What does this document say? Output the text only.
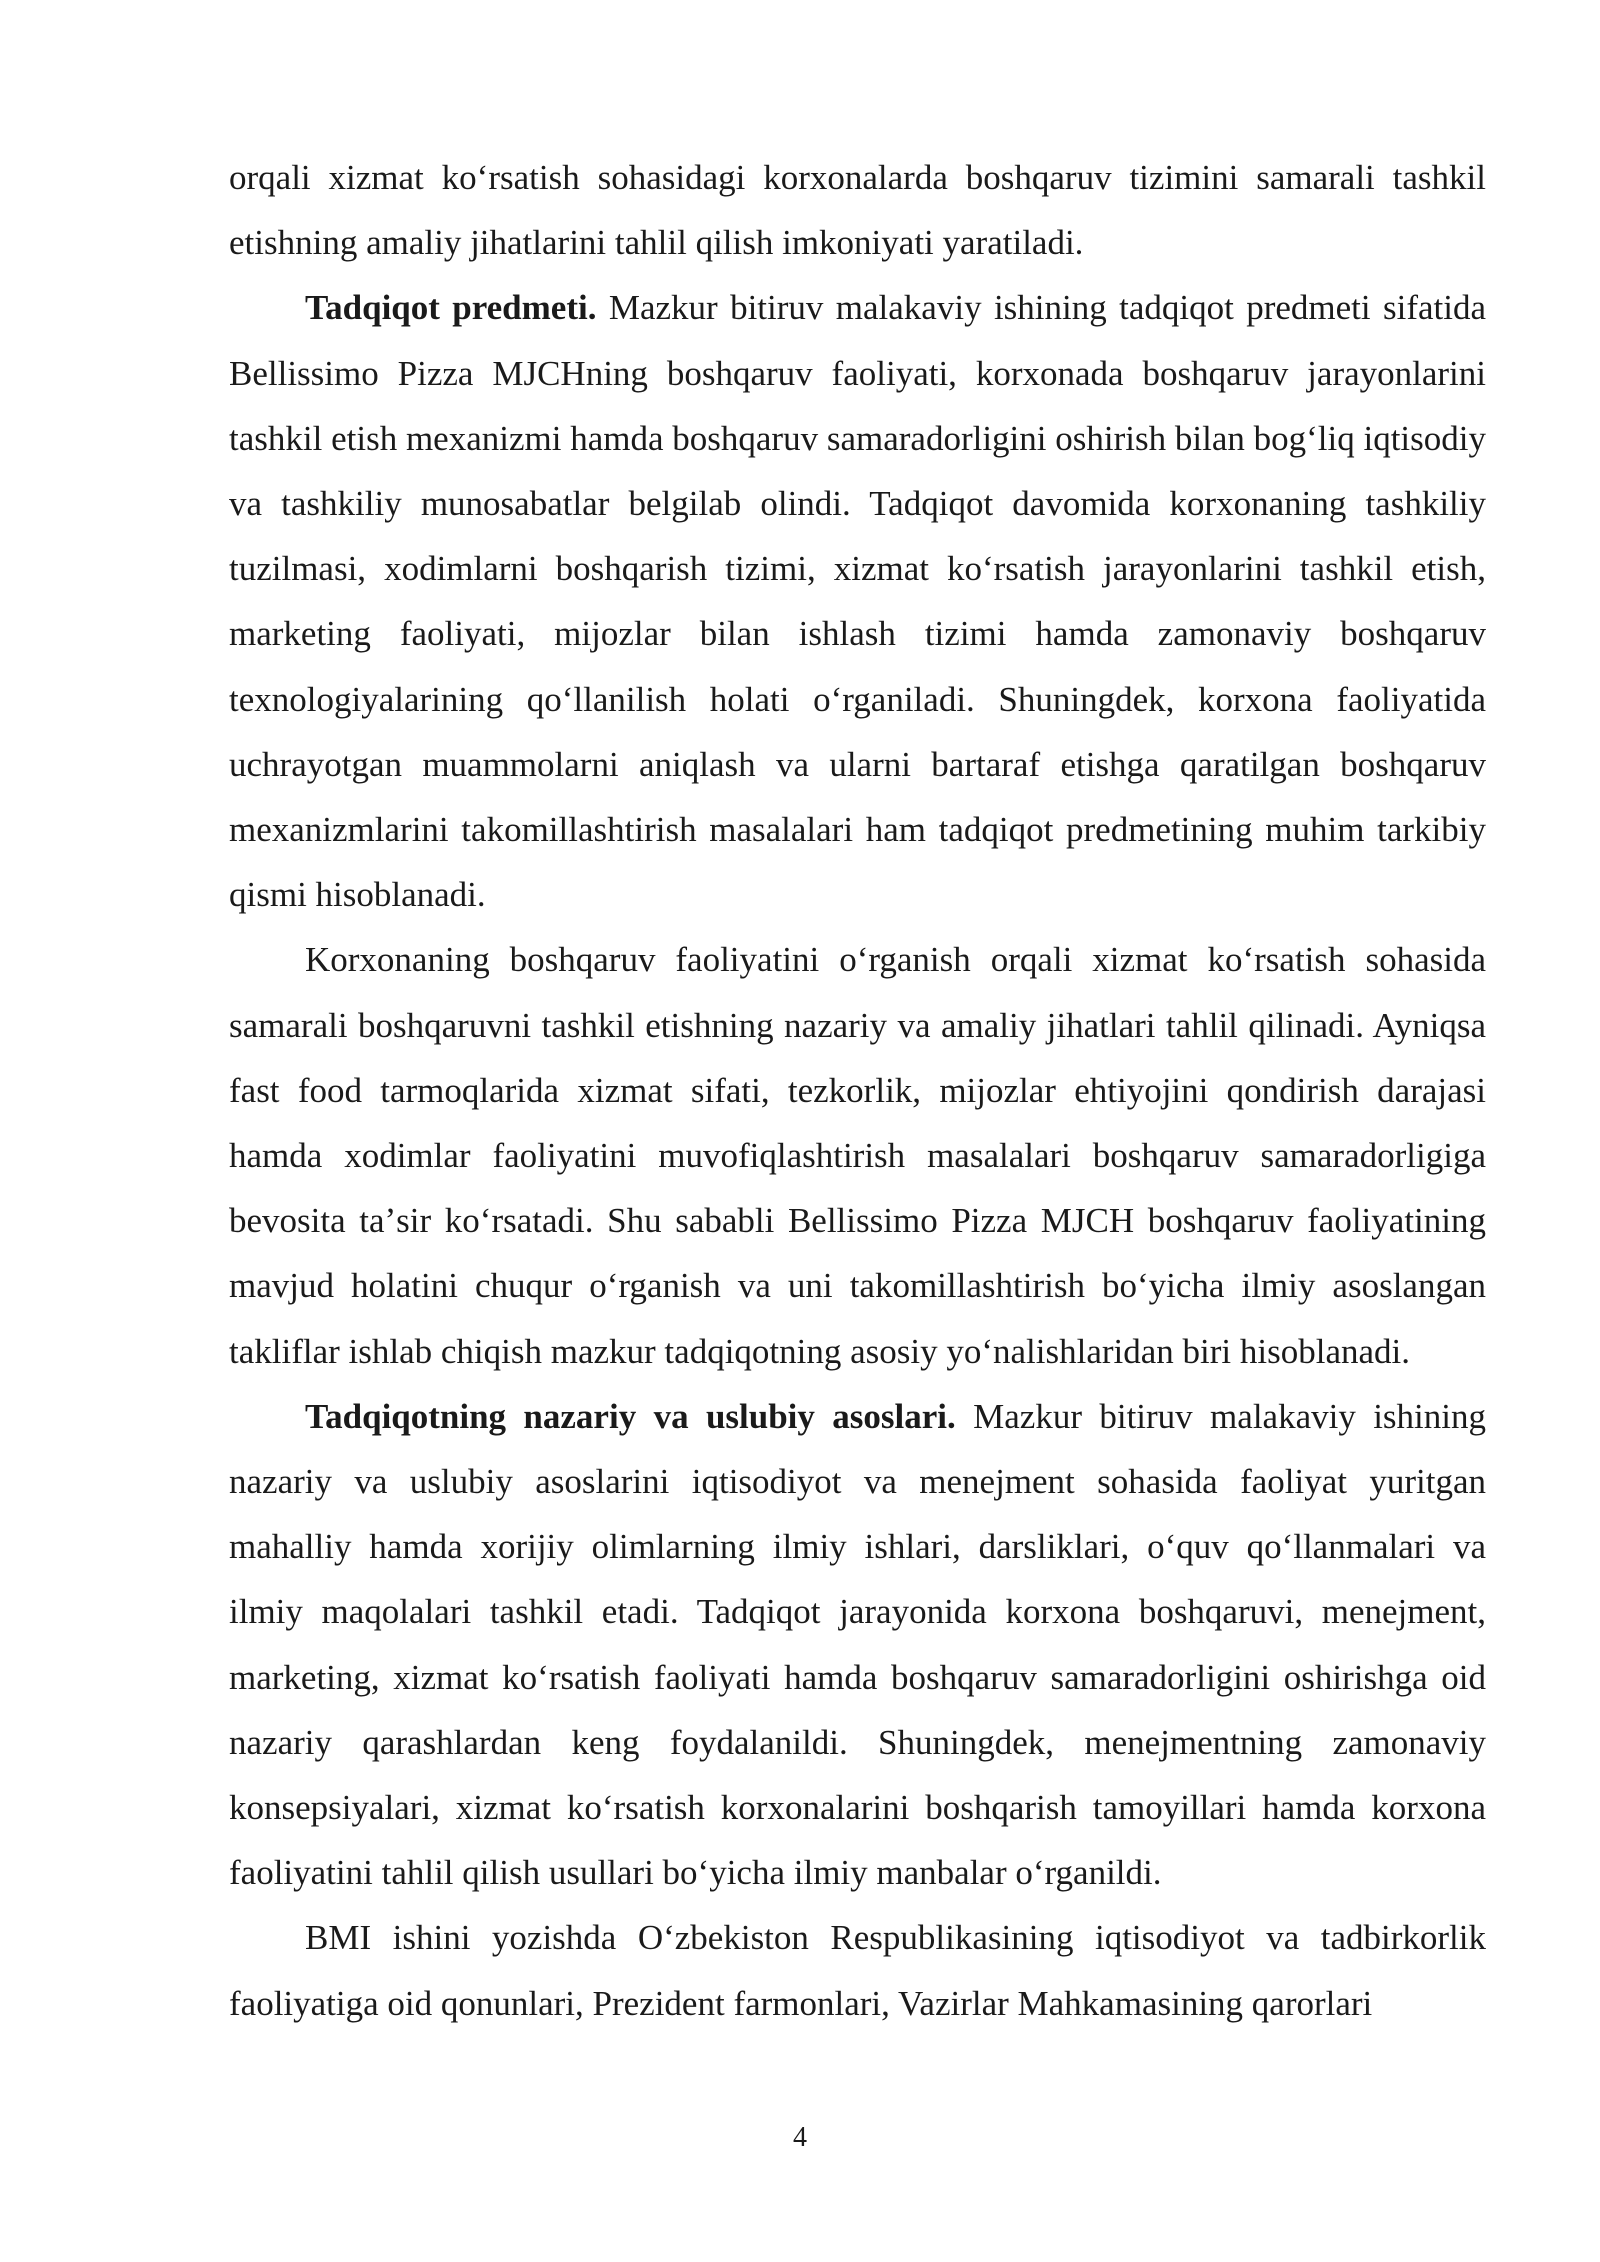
orqali xizmat koʻrsatish sohasidagi korxonalarda boshqaruv tizimini samarali tashkil etishning amaliy jihatlarini tahlil qilish imkoniyati yaratiladi.

Tadqiqot predmeti. Mazkur bitiruv malakaviy ishining tadqiqot predmeti sifatida Bellissimo Pizza MJCHning boshqaruv faoliyati, korxonada boshqaruv jarayonlarini tashkil etish mexanizmi hamda boshqaruv samaradorligini oshirish bilan bogʻliq iqtisodiy va tashkiliy munosabatlar belgilab olindi. Tadqiqot davomida korxonaning tashkiliy tuzilmasi, xodimlarni boshqarish tizimi, xizmat koʻrsatish jarayonlarini tashkil etish, marketing faoliyati, mijozlar bilan ishlash tizimi hamda zamonaviy boshqaruv texnologiyalarining qoʻllanilish holati oʻrganiladi. Shuningdek, korxona faoliyatida uchrayotgan muammolarni aniqlash va ularni bartaraf etishga qaratilgan boshqaruv mexanizmlarini takomillashtirish masalalari ham tadqiqot predmetining muhim tarkibiy qismi hisoblanadi.

Korxonaning boshqaruv faoliyatini oʻrganish orqali xizmat koʻrsatish sohasida samarali boshqaruvni tashkil etishning nazariy va amaliy jihatlari tahlil qilinadi. Ayniqsa fast food tarmoqlarida xizmat sifati, tezkorlik, mijozlar ehtiyojini qondirish darajasi hamda xodimlar faoliyatini muvofiqlashtirish masalalari boshqaruv samaradorligiga bevosita taʼsir koʻrsatadi. Shu sababli Bellissimo Pizza MJCH boshqaruv faoliyatining mavjud holatini chuqur oʻrganish va uni takomillashtirish boʻyicha ilmiy asoslangan takliflar ishlab chiqish mazkur tadqiqotning asosiy yoʻnalishlaridan biri hisoblanadi.

Tadqiqotning nazariy va uslubiy asoslari. Mazkur bitiruv malakaviy ishining nazariy va uslubiy asoslarini iqtisodiyot va menejment sohasida faoliyat yuritgan mahalliy hamda xorijiy olimlarning ilmiy ishlari, darsliklari, oʻquv qoʻllanmalari va ilmiy maqolalari tashkil etadi. Tadqiqot jarayonida korxona boshqaruvi, menejment, marketing, xizmat koʻrsatish faoliyati hamda boshqaruv samaradorligini oshirishga oid nazariy qarashlardan keng foydalanildi. Shuningdek, menejmentning zamonaviy konsepsiyalari, xizmat koʻrsatish korxonalarini boshqarish tamoyillari hamda korxona faoliyatini tahlil qilish usullari boʻyicha ilmiy manbalar oʻrganildi.

BMI ishini yozishda Oʻzbekiston Respublikasining iqtisodiyot va tadbirkorlik faoliyatiga oid qonunlari, Prezident farmonlari, Vazirlar Mahkamasining qarorlari

4
